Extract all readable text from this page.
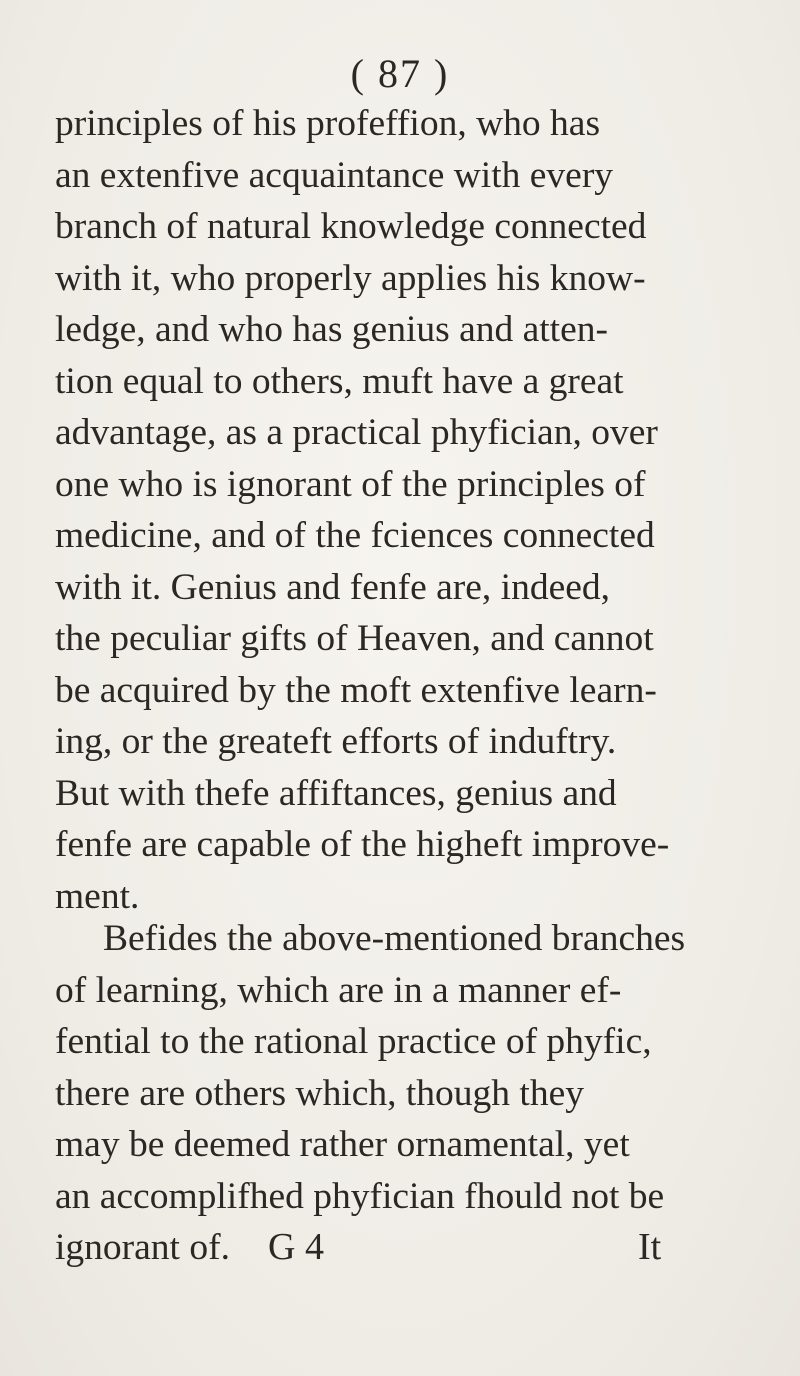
( 87 )
principles of his profeffion, who has
an extenfive acquaintance with every
branch of natural knowledge connected
with it, who properly applies his know-
ledge, and who has genius and atten-
tion equal to others, muft have a great
advantage, as a practical phyfician, over
one who is ignorant of the principles of
medicine, and of the fciences connected
with it. Genius and fenfe are, indeed,
the peculiar gifts of Heaven, and cannot
be acquired by the moft extenfive learn-
ing, or the greateft efforts of induftry.
But with thefe affiftances, genius and
fenfe are capable of the higheft improve-
ment.
Befides the above-mentioned branches
of learning, which are in a manner ef-
fential to the rational practice of phyfic,
there are others which, though they
may be deemed rather ornamental, yet
an accomplifhed phyfician fhould not be
ignorant of.	G 4	It
